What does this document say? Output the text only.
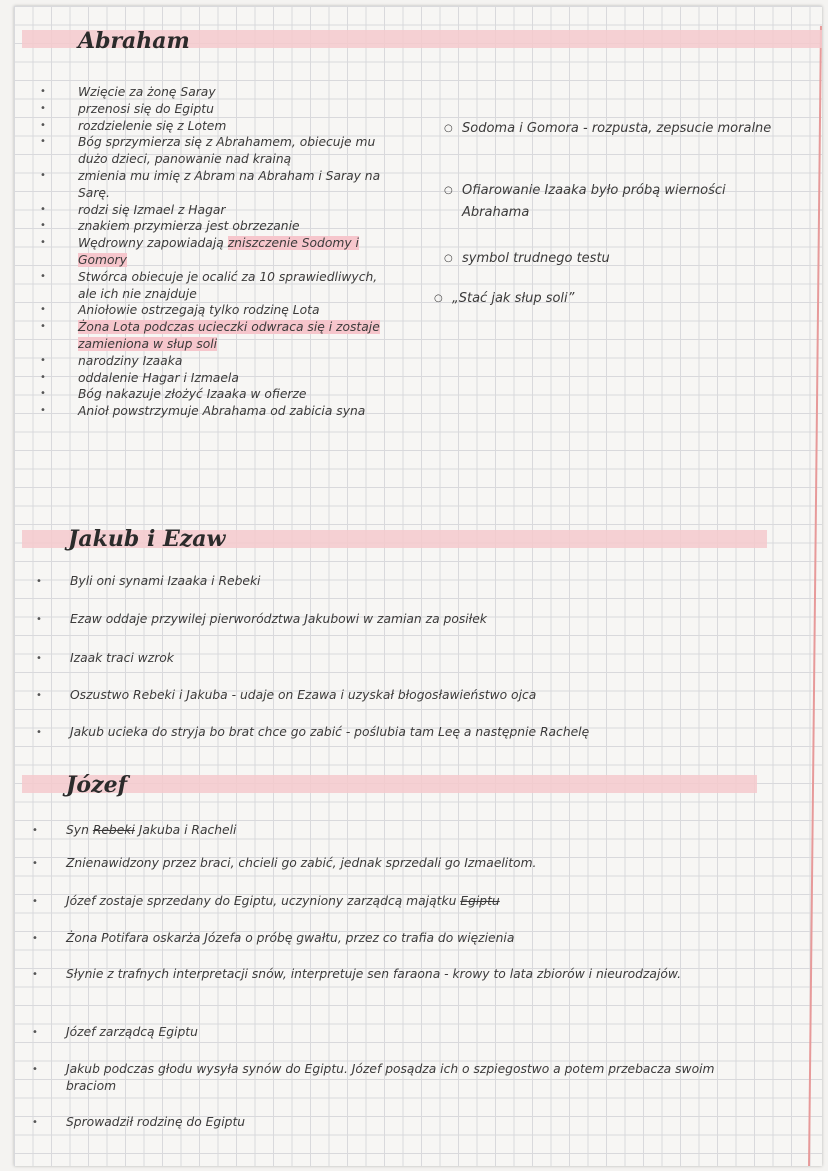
Abraham
•	Wzięcie za żonę Saray
•	przenosi się do Egiptu
•	rozdzielenie się z Lotem
•	Bóg sprzymierza się z Abrahamem, obiecuje mu dużo dzieci, panowanie nad krainą
•	zmienia mu imię z Abram na Abraham i Saray na Sarę.
•	rodzi się Izmael z Hagar
•	znakiem przymierza jest obrzezanie
•	Wędrowny zapowiadają zniszczenie Sodomy i Gomory
•	Stwórca obiecuje je ocalić za 10 sprawiedliwych, ale ich nie znajduje
•	Aniołowie ostrzegają tylko rodzinę Lota
•	Żona Lota podczas ucieczki odwraca się i zostaje zamieniona w słup soli
•	narodziny Izaaka
•	oddalenie Hagar i Izmaela
•	Bóg nakazuje złożyć Izaaka w ofierze
•	Anioł powstrzymuje Abrahama od zabicia syna
○ Sodoma i Gomora - rozpusta, zepsucie moralne
○ Ofiarowanie Izaaka było próbą wierności Abrahama
○ symbol trudnego testu
○ „Stać jak słup soli”
Jakub i Ezaw
• Byli oni synami Izaaka i Rebeki
• Ezaw oddaje przywilej pierworództwa Jakubowi w zamian za posiłek
• Izaak traci wzrok
• Oszustwo Rebeki i Jakuba - udaje on Ezawa i uzyskał błogosławieństwo ojca
• Jakub ucieka do stryja bo brat chce go zabić - poślubia tam Leę a następnie Rachelę
Józef
• Syn Rebeki Jakuba i Racheli
• Znienawidzony przez braci, chcieli go zabić, jednak sprzedali go Izmaelitom.
• Józef zostaje sprzedany do Egiptu, uczyniony zarządcą majątku Egiptu
• Żona Potifara oskarża Józefa o próbę gwałtu, przez co trafia do więzienia
• Słynie z trafnych interpretacji snów, interpretuje sen faraona - krowy to lata zbiorów i nieurodzajów.
• Józef zarządcą Egiptu
• Jakub podczas głodu wysyła synów do Egiptu. Józef posądza ich o szpiegostwo a potem przebacza swoim braciom
• Sprowadził rodzinę do Egiptu
